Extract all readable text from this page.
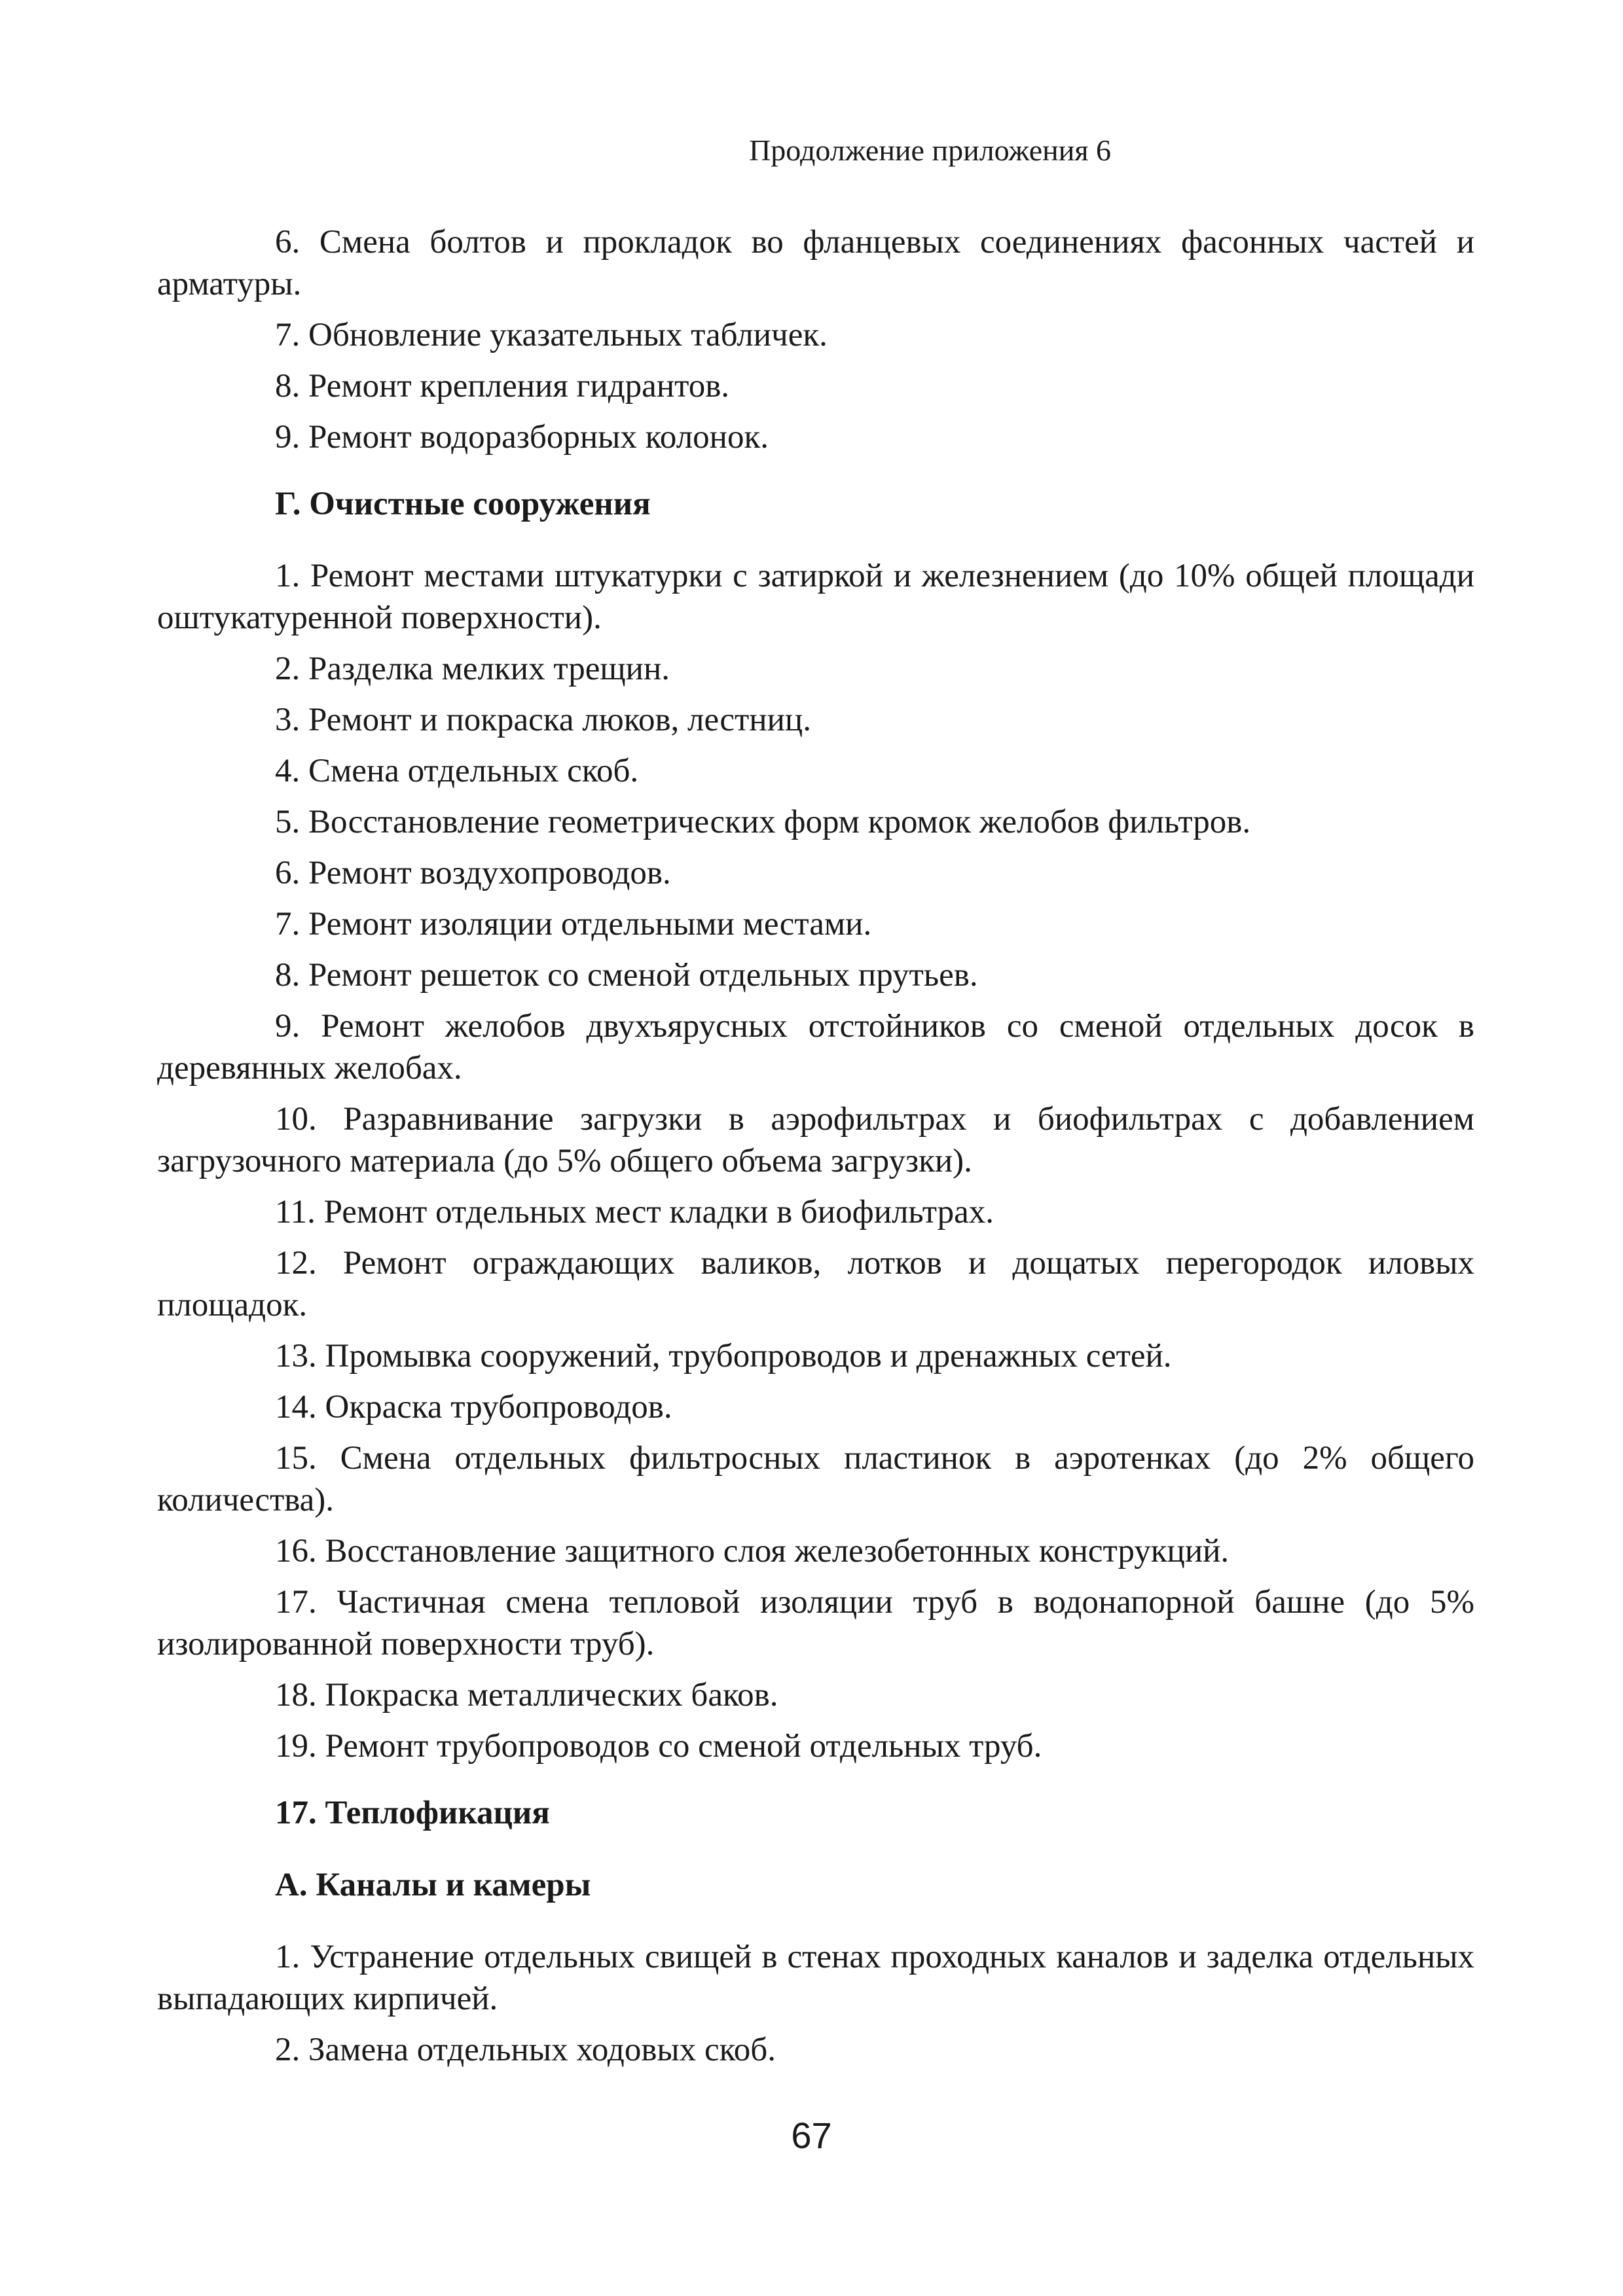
Продолжение приложения 6

6. Смена болтов и прокладок во фланцевых соединениях фасонных частей и арматуры.

7. Обновление указательных табличек.

8. Ремонт крепления гидрантов.

9. Ремонт водоразборных колонок.

Г. Очистные сооружения

1. Ремонт местами штукатурки с затиркой и железнением (до 10% общей площади оштукатуренной поверхности).

2. Разделка мелких трещин.

3. Ремонт и покраска люков, лестниц.

4. Смена отдельных скоб.

5. Восстановление геометрических форм кромок желобов фильтров.

6. Ремонт воздухопроводов.

7. Ремонт изоляции отдельными местами.

8. Ремонт решеток со сменой отдельных прутьев.

9. Ремонт желобов двухъярусных отстойников со сменой отдельных досок в деревянных желобах.

10. Разравнивание загрузки в аэрофильтрах и биофильтрах с добавлением загрузочного материала (до 5% общего объема загрузки).

11. Ремонт отдельных мест кладки в биофильтрах.

12. Ремонт ограждающих валиков, лотков и дощатых перегородок иловых площадок.

13. Промывка сооружений, трубопроводов и дренажных сетей.

14. Окраска трубопроводов.

15. Смена отдельных фильтросных пластинок в аэротенках (до 2% общего количества).

16. Восстановление защитного слоя железобетонных конструкций.

17. Частичная смена тепловой изоляции труб в водонапорной башне (до 5% изолированной поверхности труб).

18. Покраска металлических баков.

19. Ремонт трубопроводов со сменой отдельных труб.

17. Теплофикация
А. Каналы и камеры

1. Устранение отдельных свищей в стенах проходных каналов и заделка отдельных выпадающих кирпичей.

2. Замена отдельных ходовых скоб.

67
